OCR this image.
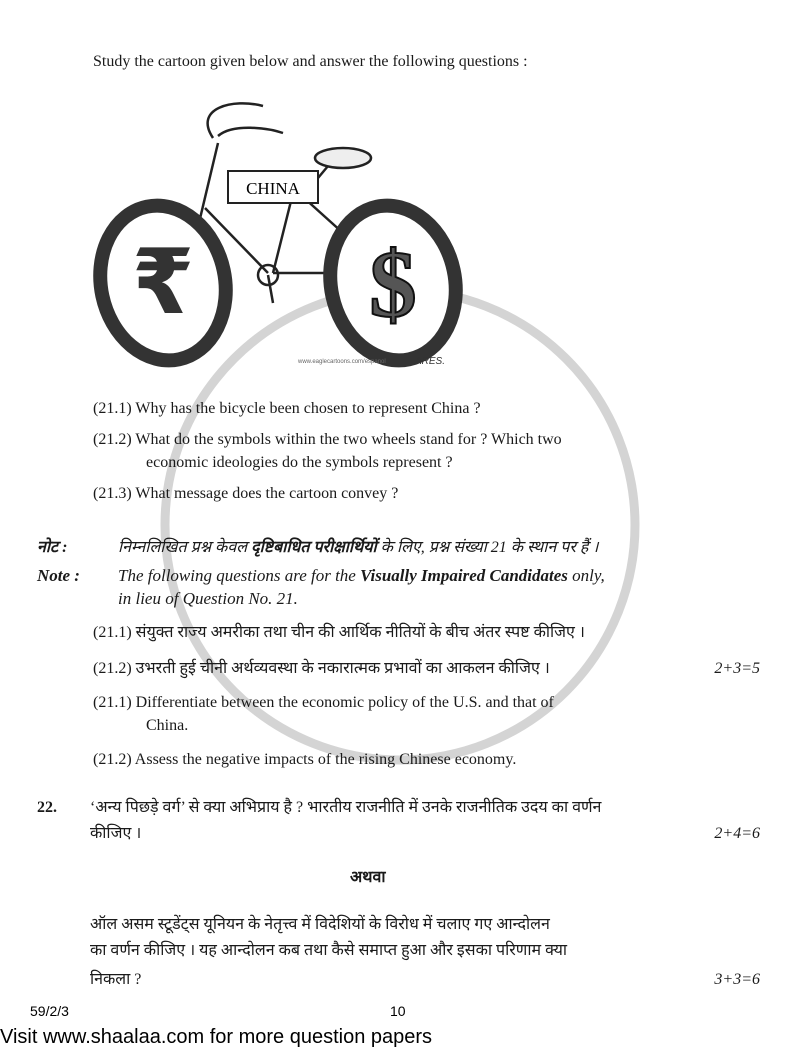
Study the cartoon given below and answer the following questions :
CHINA
₹ $
www.eaglecartoons.com/espanol	ARES.
(21.1) Why has the bicycle been chosen to represent China ?
(21.2) What do the symbols within the two wheels stand for ? Which two
economic ideologies do the symbols represent ?
(21.3) What message does the cartoon convey ?
नोट :	निम्नलिखित प्रश्न केवल दृष्टिबाधित परीक्षार्थियों के लिए, प्रश्न संख्या 21 के स्थान पर हैं ।
Note : The following questions are for the Visually Impaired Candidates only,
in lieu of Question No. 21.
(21.1) संयुक्त राज्य अमरीका तथा चीन की आर्थिक नीतियों के बीच अंतर स्पष्ट कीजिए ।
(21.2) उभरती हुई चीनी अर्थव्यवस्था के नकारात्मक प्रभावों का आकलन कीजिए ।	2+3=5
(21.1) Differentiate between the economic policy of the U.S. and that of
China.
(21.2) Assess the negative impacts of the rising Chinese economy.
22. ‘अन्य पिछड़े वर्ग’ से क्या अभिप्राय है ? भारतीय राजनीति में उनके राजनीतिक उदय का वर्णन
कीजिए ।	2+4=6
अथवा
ऑल असम स्टूडेंट्स यूनियन के नेतृत्त्व में विदेशियों के विरोध में चलाए गए आन्दोलन
का वर्णन कीजिए । यह आन्दोलन कब तथा कैसे समाप्त हुआ और इसका परिणाम क्या
निकला ?	3+3=6
59/2/3	10
Visit www.shaalaa.com for more question papers
